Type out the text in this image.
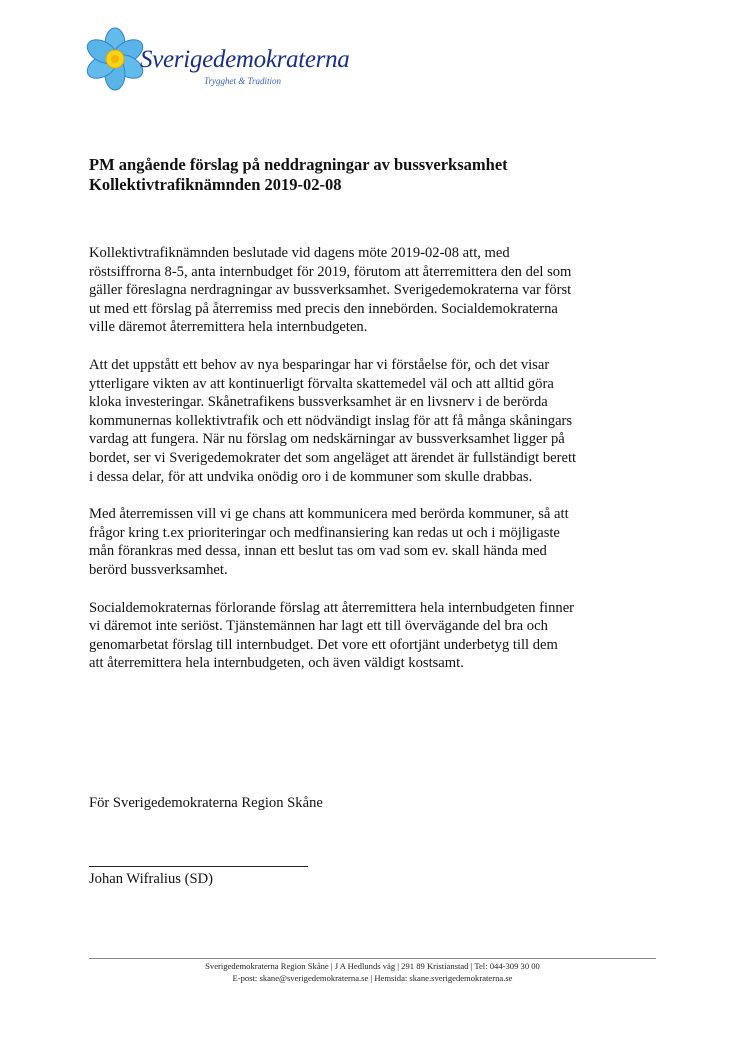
Sverigedemokraterna
Trygghet & Tradition
PM angående förslag på neddragningar av bussverksamhet
Kollektivtrafiknämnden 2019-02-08
Kollektivtrafiknämnden beslutade vid dagens möte 2019-02-08 att, med
röstsiffrorna 8-5, anta internbudget för 2019, förutom att återremittera den del som
gäller föreslagna nerdragningar av bussverksamhet. Sverigedemokraterna var först
ut med ett förslag på återremiss med precis den innebörden. Socialdemokraterna
ville däremot återremittera hela internbudgeten.
Att det uppstått ett behov av nya besparingar har vi förståelse för, och det visar
ytterligare vikten av att kontinuerligt förvalta skattemedel väl och att alltid göra
kloka investeringar. Skånetrafikens bussverksamhet är en livsnerv i de berörda
kommunernas kollektivtrafik och ett nödvändigt inslag för att få många skåningars
vardag att fungera. När nu förslag om nedskärningar av bussverksamhet ligger på
bordet, ser vi Sverigedemokrater det som angeläget att ärendet är fullständigt berett
i dessa delar, för att undvika onödig oro i de kommuner som skulle drabbas.
Med återremissen vill vi ge chans att kommunicera med berörda kommuner, så att
frågor kring t.ex prioriteringar och medfinansiering kan redas ut och i möjligaste
mån förankras med dessa, innan ett beslut tas om vad som ev. skall hända med
berörd bussverksamhet.
Socialdemokraternas förlorande förslag att återremittera hela internbudgeten finner
vi däremot inte seriöst. Tjänstemännen har lagt ett till övervägande del bra och
genomarbetat förslag till internbudget. Det vore ett ofortjänt underbetyg till dem
att återremittera hela internbudgeten, och även väldigt kostsamt.
För Sverigedemokraterna Region Skåne
Johan Wifralius (SD)
Sverigedemokraterna Region Skåne | J A Hedlunds väg | 291 89 Kristianstad | Tel: 044-309 30 00
E-post: skane@sverigedemokraterna.se | Hemsida: skane.sverigedemokraterna.se
